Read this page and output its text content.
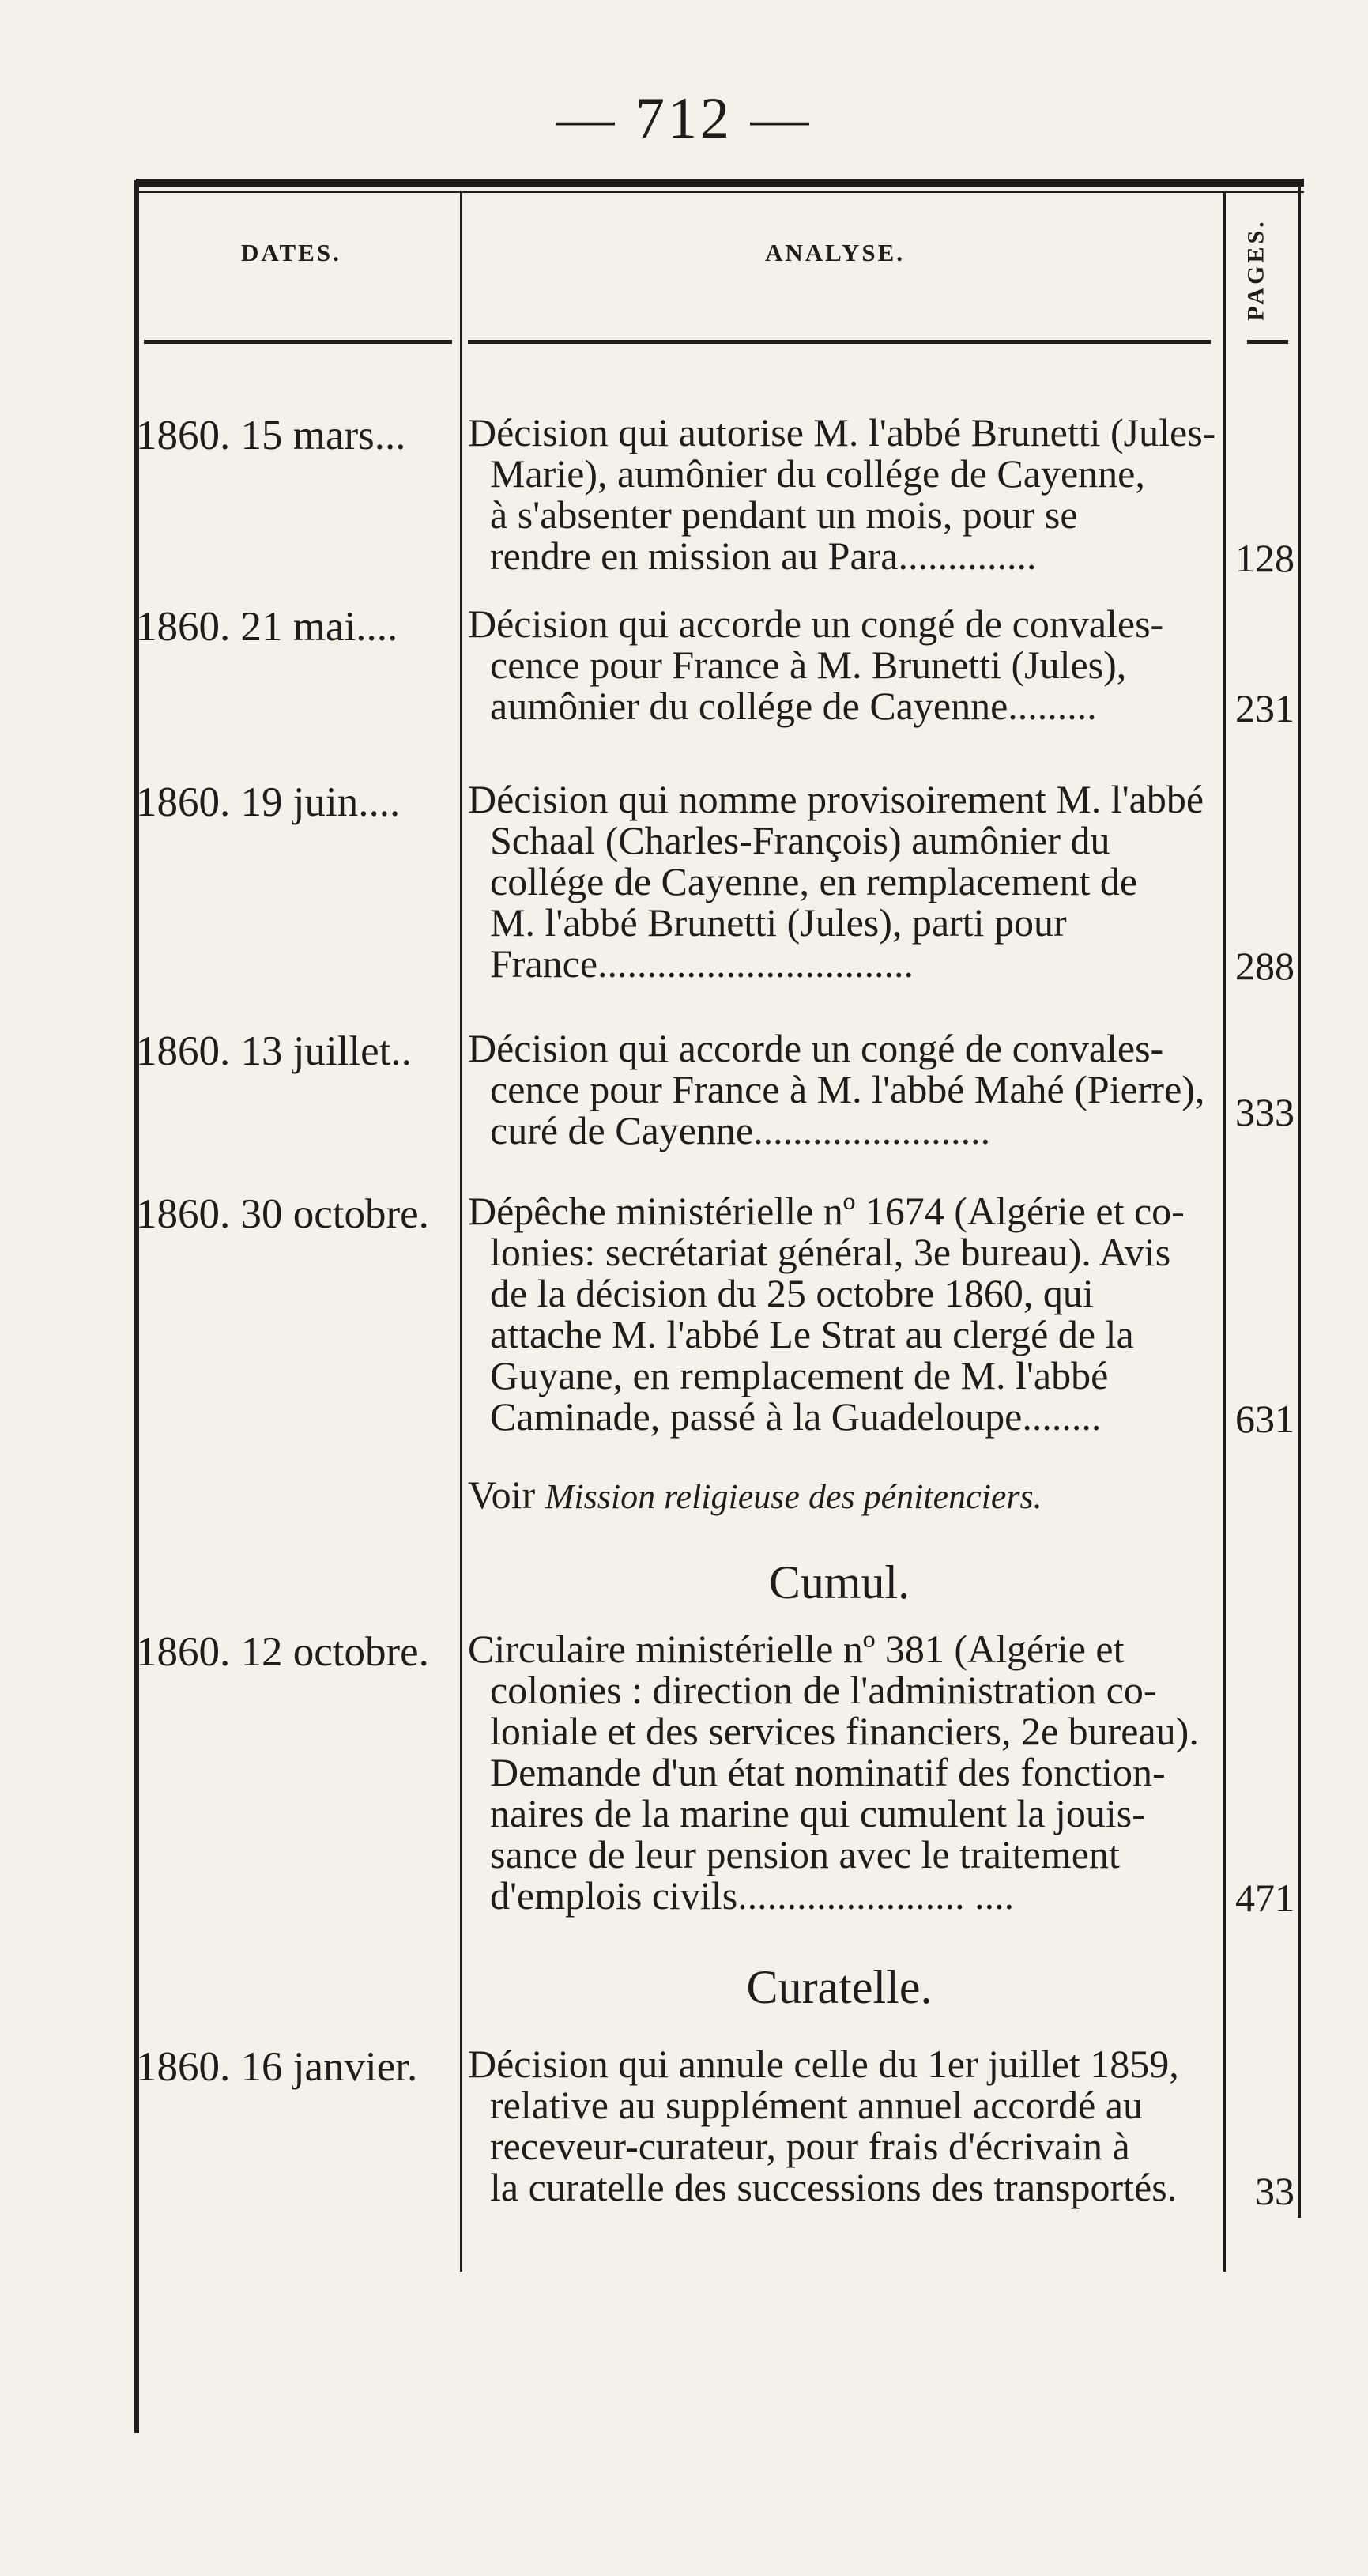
— 712 —
DATES.	ANALYSE.	PAGES.
1860. 15 mars...	Décision qui autorise M. l'abbé Brunetti (Jules-
Marie), aumônier du collége de Cayenne,
à s'absenter pendant un mois, pour se
rendre en mission au Para..............	128
1860. 21 mai....	Décision qui accorde un congé de convales-
cence pour France à M. Brunetti (Jules),
aumônier du collége de Cayenne.........	231
1860. 19 juin....	Décision qui nomme provisoirement M. l'abbé
Schaal (Charles-François) aumônier du
collége de Cayenne, en remplacement de
M. l'abbé Brunetti (Jules), parti pour
France................................	288
1860. 13 juillet..	Décision qui accorde un congé de convales-
cence pour France à M. l'abbé Mahé (Pierre),
curé de Cayenne........................	333
1860. 30 octobre. Dépêche ministérielle nº 1674 (Algérie et co-
lonies: secrétariat général, 3e bureau). Avis
de la décision du 25 octobre 1860, qui
attache M. l'abbé Le Strat au clergé de la
Guyane, en remplacement de M. l'abbé
Caminade, passé à la Guadeloupe........	631
Voir Mission religieuse des pénitenciers.
Cumul.
1860. 12 octobre. Circulaire ministérielle nº 381 (Algérie et
colonies : direction de l'administration co-
loniale et des services financiers, 2e bureau).
Demande d'un état nominatif des fonction-
naires de la marine qui cumulent la jouis-
sance de leur pension avec le traitement
d'emplois civils....................... ....	471
Curatelle.
1860. 16 janvier.	Décision qui annule celle du 1er juillet 1859,
relative au supplément annuel accordé au
receveur-curateur, pour frais d'écrivain à
la curatelle des successions des transportés.	33
